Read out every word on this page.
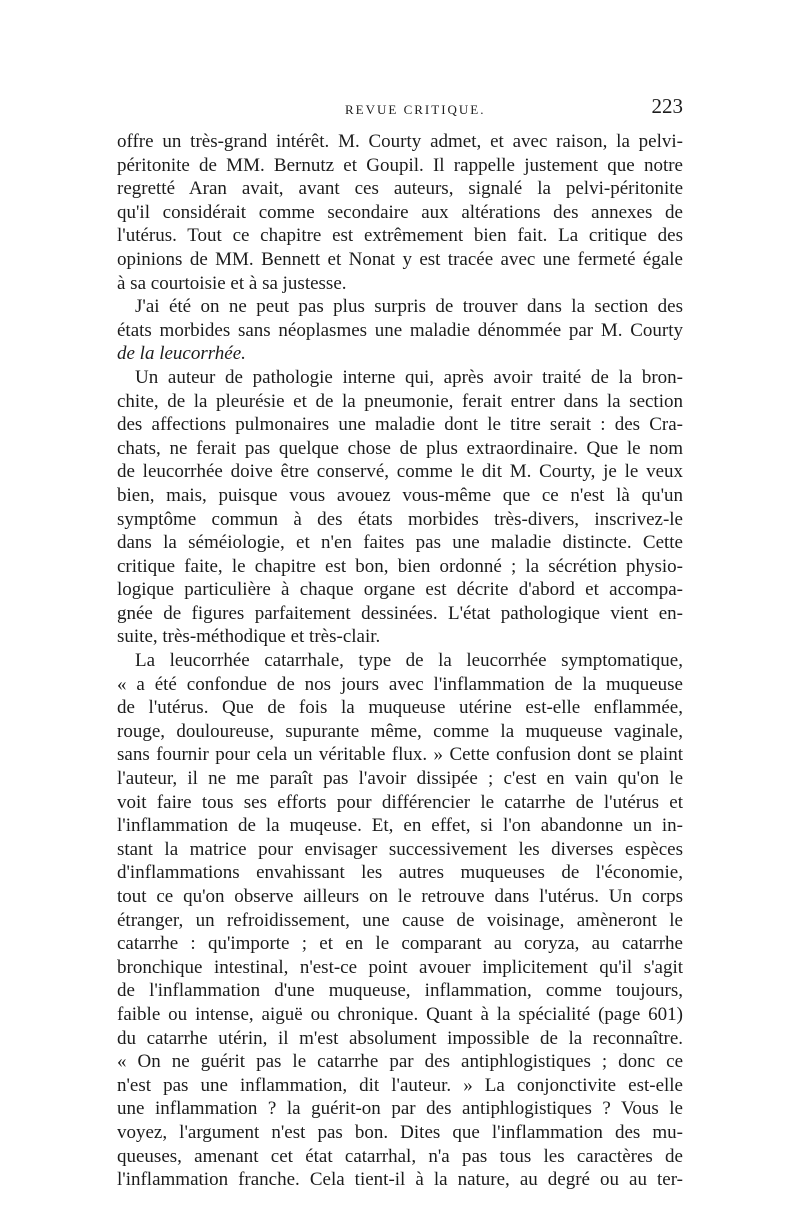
REVUE CRITIQUE.	223
offre un très-grand intérêt. M. Courty admet, et avec raison, la pelvi-
péritonite de MM. Bernutz et Goupil. Il rappelle justement que notre
regretté Aran avait, avant ces auteurs, signalé la pelvi-péritonite
qu'il considérait comme secondaire aux altérations des annexes de
l'utérus. Tout ce chapitre est extrêmement bien fait. La critique des
opinions de MM. Bennett et Nonat y est tracée avec une fermeté égale
à sa courtoisie et à sa justesse.
J'ai été on ne peut pas plus surpris de trouver dans la section des
états morbides sans néoplasmes une maladie dénommée par M. Courty
de la leucorrhée.
Un auteur de pathologie interne qui, après avoir traité de la bron-
chite, de la pleurésie et de la pneumonie, ferait entrer dans la section
des affections pulmonaires une maladie dont le titre serait : des Cra-
chats, ne ferait pas quelque chose de plus extraordinaire. Que le nom
de leucorrhée doive être conservé, comme le dit M. Courty, je le veux
bien, mais, puisque vous avouez vous-même que ce n'est là qu'un
symptôme commun à des états morbides très-divers, inscrivez-le
dans la séméiologie, et n'en faites pas une maladie distincte. Cette
critique faite, le chapitre est bon, bien ordonné ; la sécrétion physio-
logique particulière à chaque organe est décrite d'abord et accompa-
gnée de figures parfaitement dessinées. L'état pathologique vient en-
suite, très-méthodique et très-clair.
La leucorrhée catarrhale, type de la leucorrhée symptomatique,
« a été confondue de nos jours avec l'inflammation de la muqueuse
de l'utérus. Que de fois la muqueuse utérine est-elle enflammée,
rouge, douloureuse, supurante même, comme la muqueuse vaginale,
sans fournir pour cela un véritable flux. » Cette confusion dont se plaint
l'auteur, il ne me paraît pas l'avoir dissipée ; c'est en vain qu'on le
voit faire tous ses efforts pour différencier le catarrhe de l'utérus et
l'inflammation de la muqeuse. Et, en effet, si l'on abandonne un in-
stant la matrice pour envisager successivement les diverses espèces
d'inflammations envahissant les autres muqueuses de l'économie,
tout ce qu'on observe ailleurs on le retrouve dans l'utérus. Un corps
étranger, un refroidissement, une cause de voisinage, amèneront le
catarrhe : qu'importe ; et en le comparant au coryza, au catarrhe
bronchique intestinal, n'est-ce point avouer implicitement qu'il s'agit
de l'inflammation d'une muqueuse, inflammation, comme toujours,
faible ou intense, aiguë ou chronique. Quant à la spécialité (page 601)
du catarrhe utérin, il m'est absolument impossible de la reconnaître.
« On ne guérit pas le catarrhe par des antiphlogistiques ; donc ce
n'est pas une inflammation, dit l'auteur. » La conjonctivite est-elle
une inflammation ? la guérit-on par des antiphlogistiques ? Vous le
voyez, l'argument n'est pas bon. Dites que l'inflammation des mu-
queuses, amenant cet état catarrhal, n'a pas tous les caractères de
l'inflammation franche. Cela tient-il à la nature, au degré ou au ter-
